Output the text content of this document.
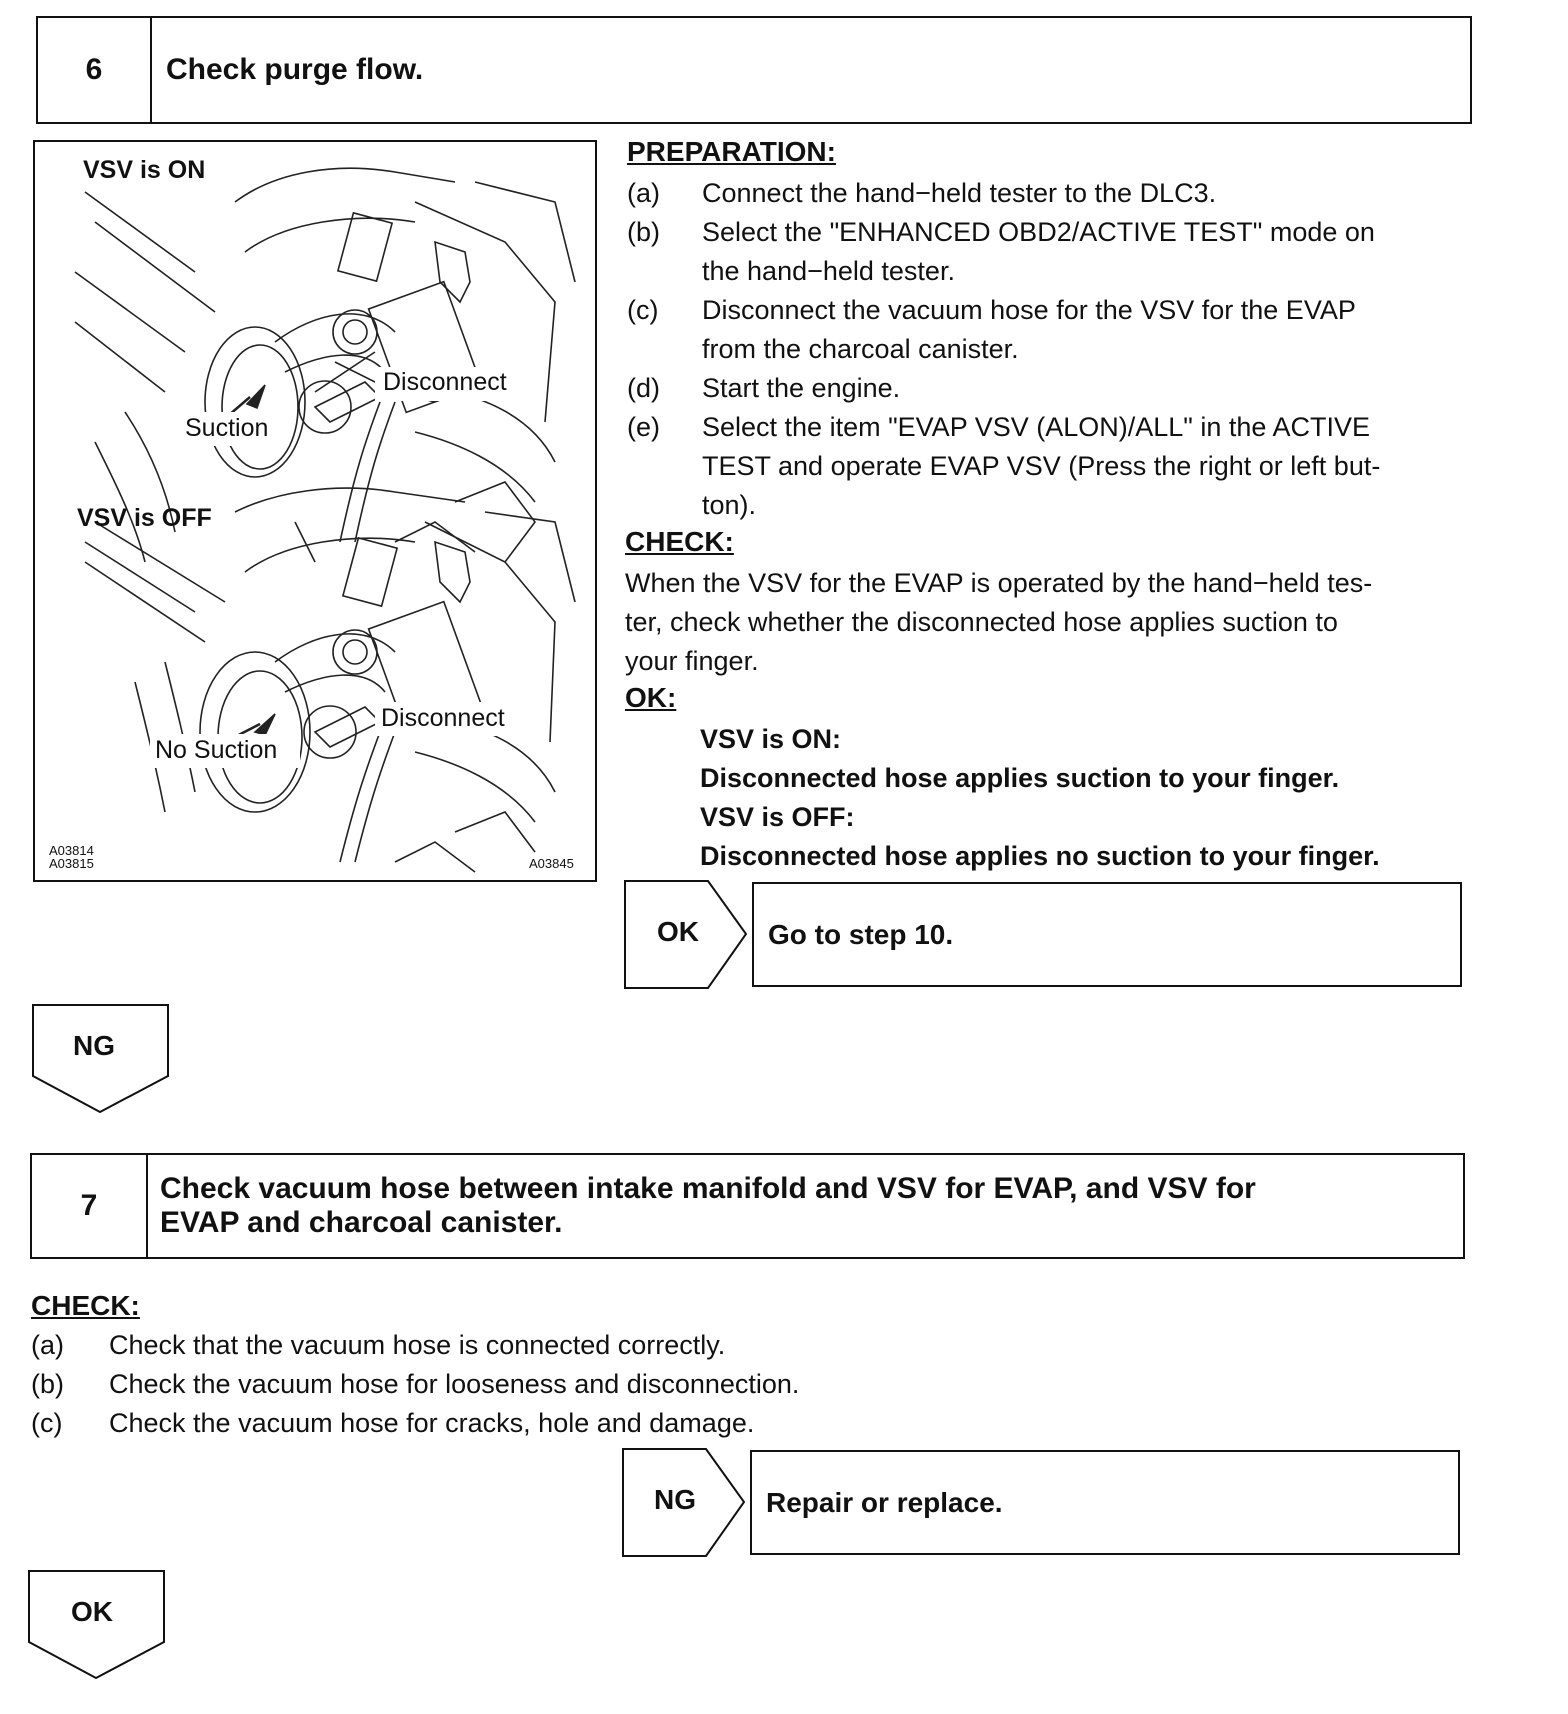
6	Check purge flow.
VSV is ON
Disconnect
Suction
VSV is OFF
Disconnect
No Suction
A03814
A03815	A03845
PREPARATION:
(a) Connect the hand−held tester to the DLC3.
(b) Select the "ENHANCED OBD2/ACTIVE TEST" mode on
the hand−held tester.
(c) Disconnect the vacuum hose for the VSV for the EVAP
from the charcoal canister.
(d) Start the engine.
(e) Select the item "EVAP VSV (ALON)/ALL" in the ACTIVE
TEST and operate EVAP VSV (Press the right or left but-
ton).
CHECK:
When the VSV for the EVAP is operated by the hand−held tes-
ter, check whether the disconnected hose applies suction to
your finger.
OK:
VSV is ON:
Disconnected hose applies suction to your finger.
VSV is OFF:
Disconnected hose applies no suction to your finger.
OK	Go to step 10.
NG
7
Check vacuum hose between intake manifold and VSV for EVAP, and VSV for
EVAP and charcoal canister.
CHECK:
(a) Check that the vacuum hose is connected correctly.
(b) Check the vacuum hose for looseness and disconnection.
(c) Check the vacuum hose for cracks, hole and damage.
NG	Repair or replace.
OK
